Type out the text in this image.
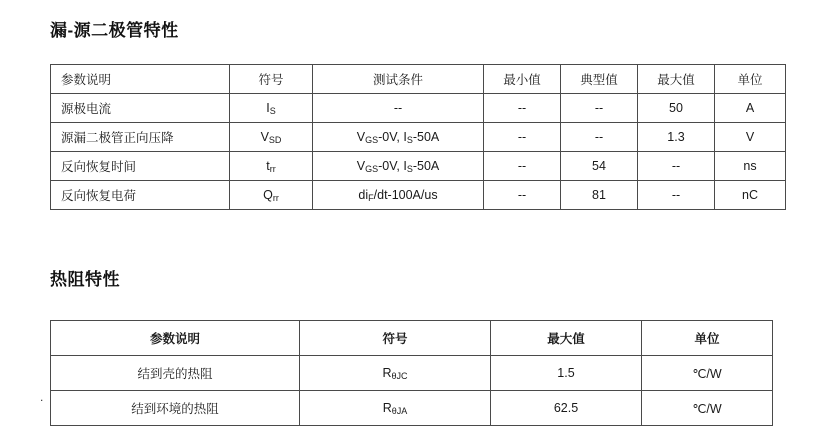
漏-源二极管特性
参数说明	符号	测试条件	最小值	典型值	最大值	单位
源极电流	$I_S$	--	--	--	50	A
源漏二极管正向压降	$V_{SD}$	$V_{GS}-0V$, $I_S-50A$	--	--	1.3	V
反向恢复时间	$t_{rr}$	$V_{GS}-0V$, $I_S-50A$	--	54	--	ns
反向恢复电荷	$Q_{rr}$	$di_F/dt-100A/us$	--	81	--	nC
热阻特性
.
参数说明	符号	最大值	单位
结到壳的热阻	$R_{\theta JC}$	1.5	℃/W
结到环境的热阻	$R_{\theta JA}$	62.5	℃/W
